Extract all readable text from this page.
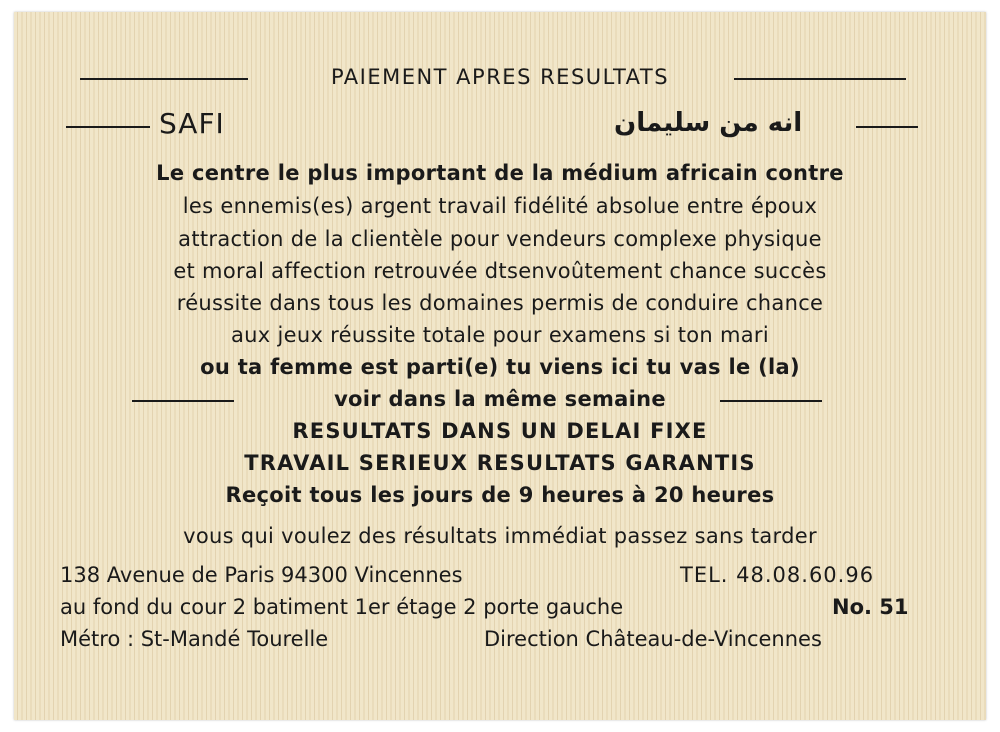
PAIEMENT APRES RESULTATS
SAFI	انه من سليمان
Le centre le plus important de la médium africain contre
les ennemis(es) argent travail fidélité absolue entre époux
attraction de la clientèle pour vendeurs complexe physique
et moral affection retrouvée dtsenvoûtement chance succès
réussite dans tous les domaines permis de conduire chance
aux jeux réussite totale pour examens si ton mari
ou ta femme est parti(e) tu viens ici tu vas le (la)
voir dans la même semaine
RESULTATS DANS UN DELAI FIXE
TRAVAIL SERIEUX RESULTATS GARANTIS
Reçoit tous les jours de 9 heures à 20 heures
vous qui voulez des résultats immédiat passez sans tarder
138 Avenue de Paris 94300 Vincennes	TEL. 48.08.60.96
au fond du cour 2 batiment 1er étage 2 porte gauche	No. 51
Métro : St-Mandé Tourelle	Direction Château-de-Vincennes
